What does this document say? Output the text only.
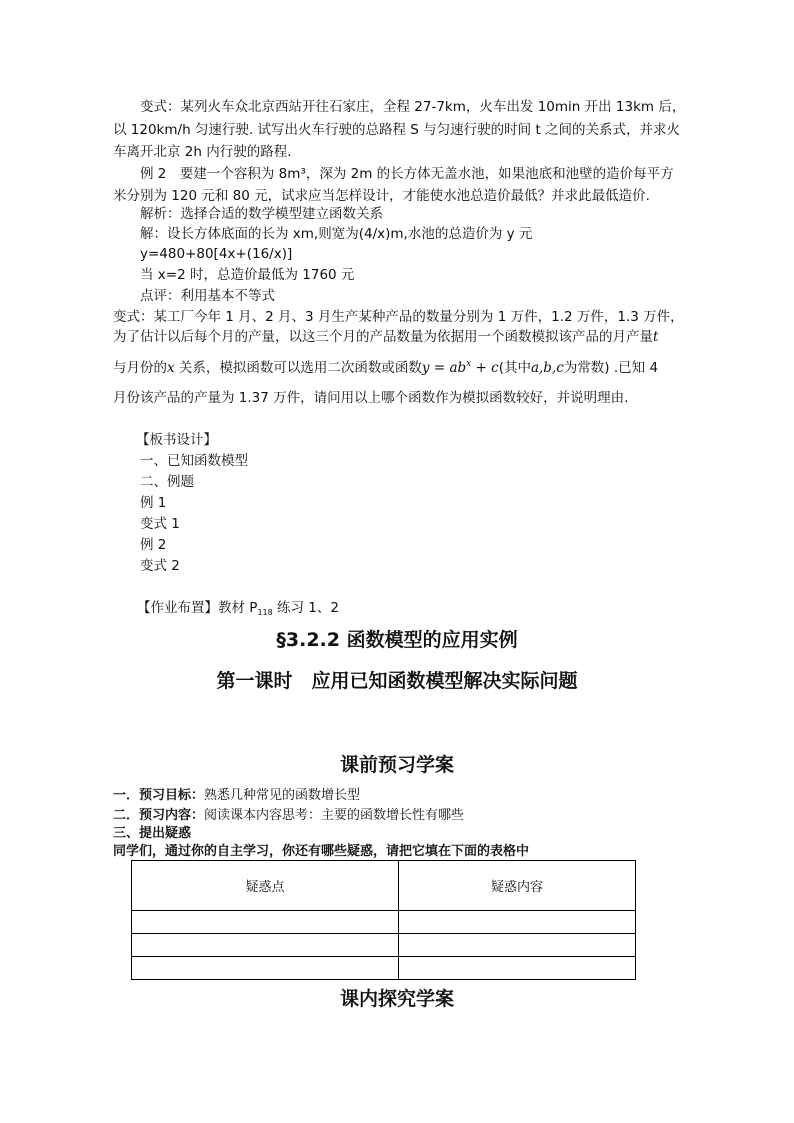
变式：某列火车众北京西站开往石家庄，全程 27-7km，火车出发 10min 开出 13km 后，
以 120km/h 匀速行驶. 试写出火车行驶的总路程 S 与匀速行驶的时间 t 之间的关系式，并求火
车离开北京 2h 内行驶的路程.
例 2　要建一个容积为 8m³，深为 2m 的长方体无盖水池，如果池底和池壁的造价每平方
米分别为 120 元和 80 元，试求应当怎样设计，才能使水池总造价最低？并求此最低造价.
解析：选择合适的数学模型建立函数关系
解：设长方体底面的长为 xm,则宽为(4/x)m,水池的总造价为 y 元
y=480+80[4x+(16/x)]
当 x=2 时，总造价最低为 1760 元
点评：利用基本不等式
变式：某工厂今年 1 月、2 月、3 月生产某种产品的数量分别为 1 万件，1.2 万件，1.3 万件，
为了估计以后每个月的产量，以这三个月的产品数量为依据用一个函数模拟该产品的月产量t
与月份的x 关系，模拟函数可以选用二次函数或函数$y = ab^x + c$(其中a,b,c为常数) .已知 4
月份该产品的产量为 1.37 万件，请问用以上哪个函数作为模拟函数较好，并说明理由.
【板书设计】
一、已知函数模型
二、例题
例 1
变式 1
例 2
变式 2
【作业布置】教材 $P_{118}$ 练习 1、2
§3.2.2 函数模型的应用实例
第一课时　应用已知函数模型解决实际问题
课前预习学案
一．预习目标：熟悉几种常见的函数增长型
二．预习内容：阅读课本内容思考：主要的函数增长性有哪些
三、提出疑惑
同学们，通过你的自主学习，你还有哪些疑惑，请把它填在下面的表格中
疑惑点	疑惑内容

课内探究学案
